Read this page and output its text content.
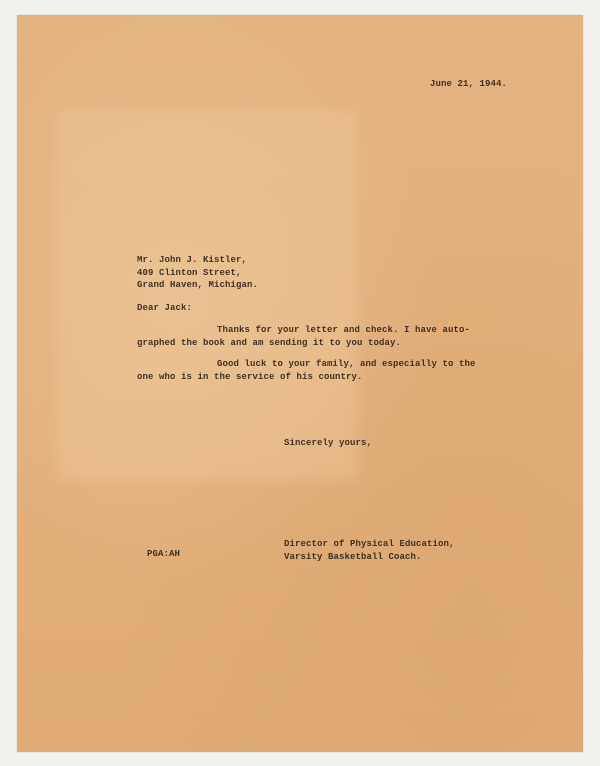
June 21, 1944.
Mr. John J. Kistler,
409 Clinton Street,
Grand Haven, Michigan.
Dear Jack:
Thanks for your letter and check. I have auto-
graphed the book and am sending it to you today.
Good luck to your family, and especially to the
one who is in the service of his country.
Sincerely yours,
Director of Physical Education,
Varsity Basketball Coach.
PGA:AH
